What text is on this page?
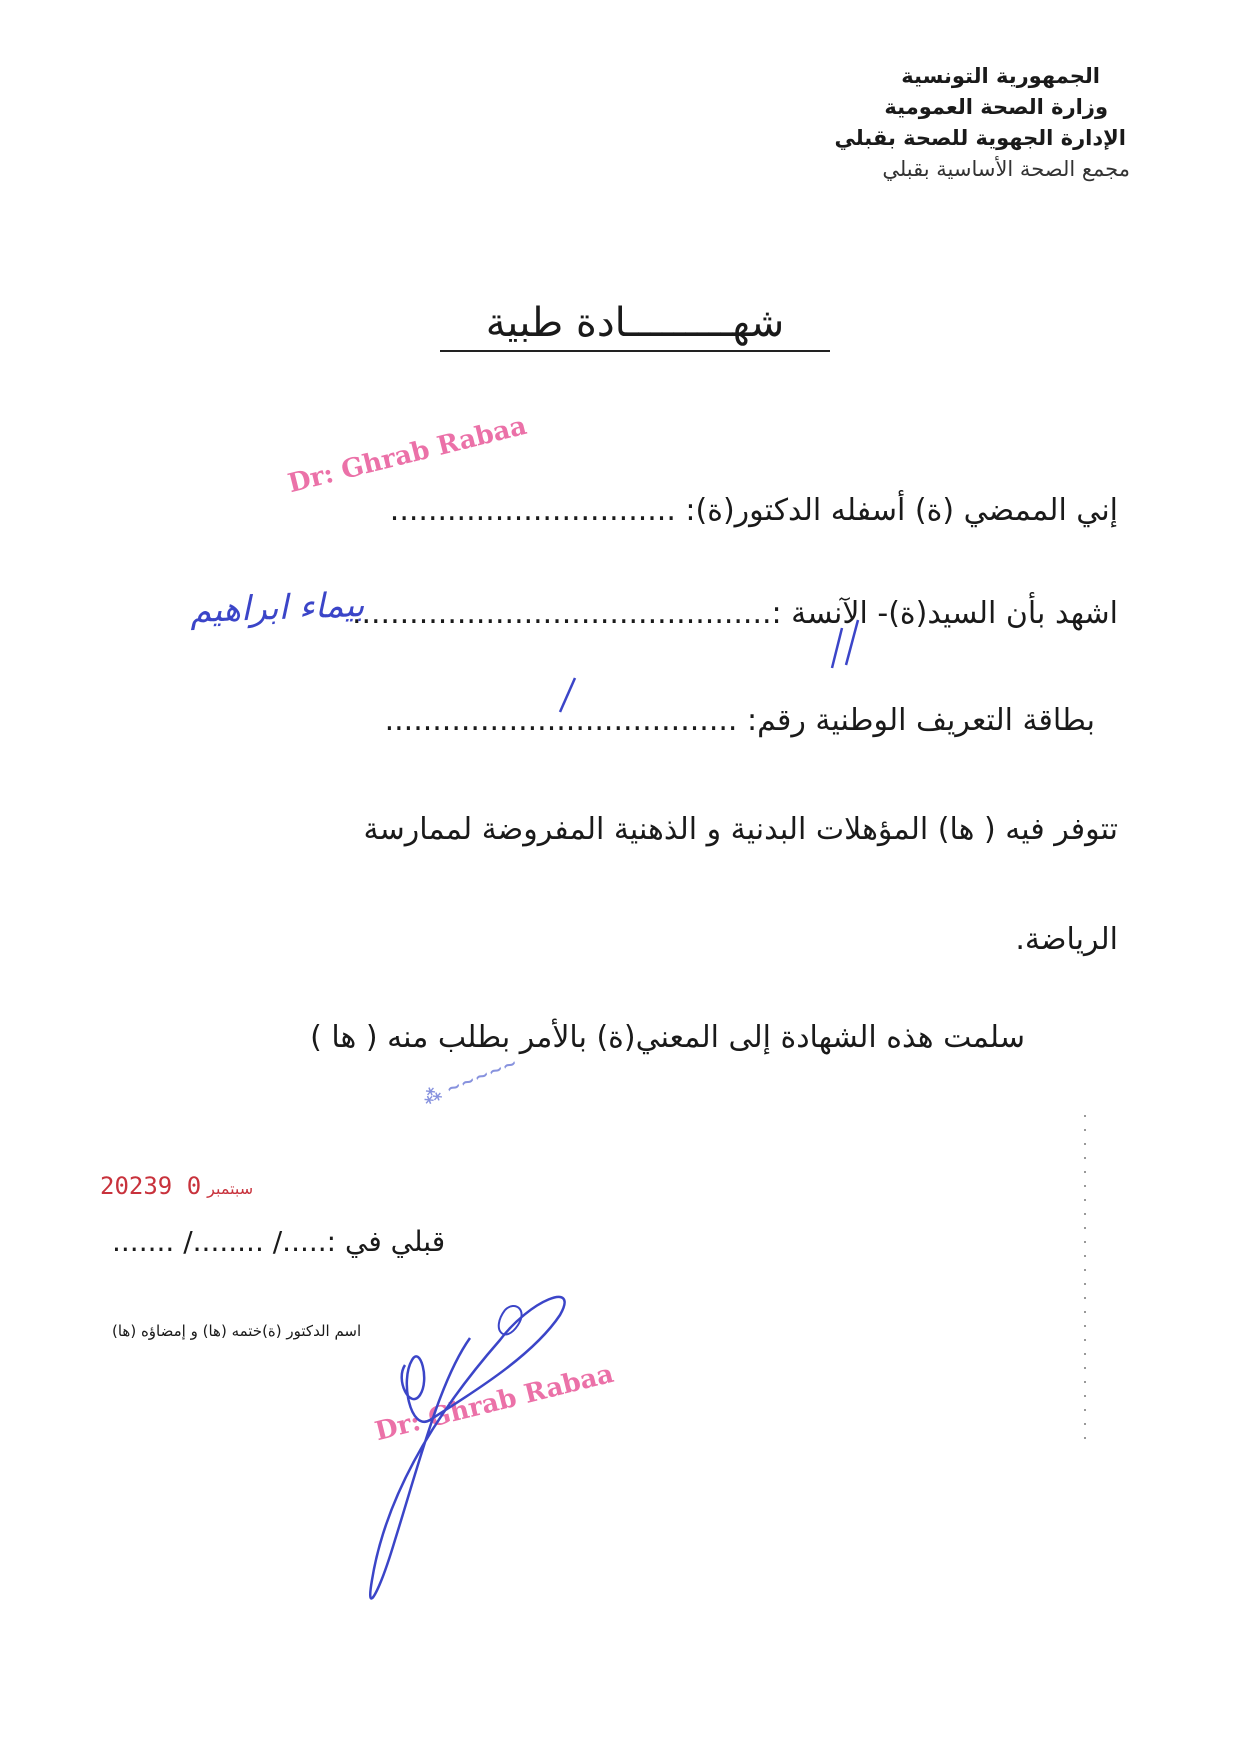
الجمهورية التونسية
وزارة الصحة العمومية
الإدارة الجهوية للصحة بقبلي
مجمع الصحة الأساسية بقبلي
شهـــــــــادة طبية
إني الممضي (ة) أسفله الدكتور(ة): ..............................
اشهد بأن السيد(ة)- الآنسة :............................................
بطاقة التعريف الوطنية رقم: .....................................
تتوفر فيه ( ها) المؤهلات البدنية و الذهنية المفروضة لممارسة
الرياضة.
سلمت هذه الشهادة إلى المعني(ة) بالأمر بطلب منه ( ها )
قبلي في :...../ ......../ .......
اسم الدكتور (ة)ختمه (ها) و إمضاؤه (ها)
Dr: Ghrab Rabaa
Dr: Ghrab Rabaa
2023	سبتمبر0 9
بيماء ابراهيم
⁂ ~~~~~
